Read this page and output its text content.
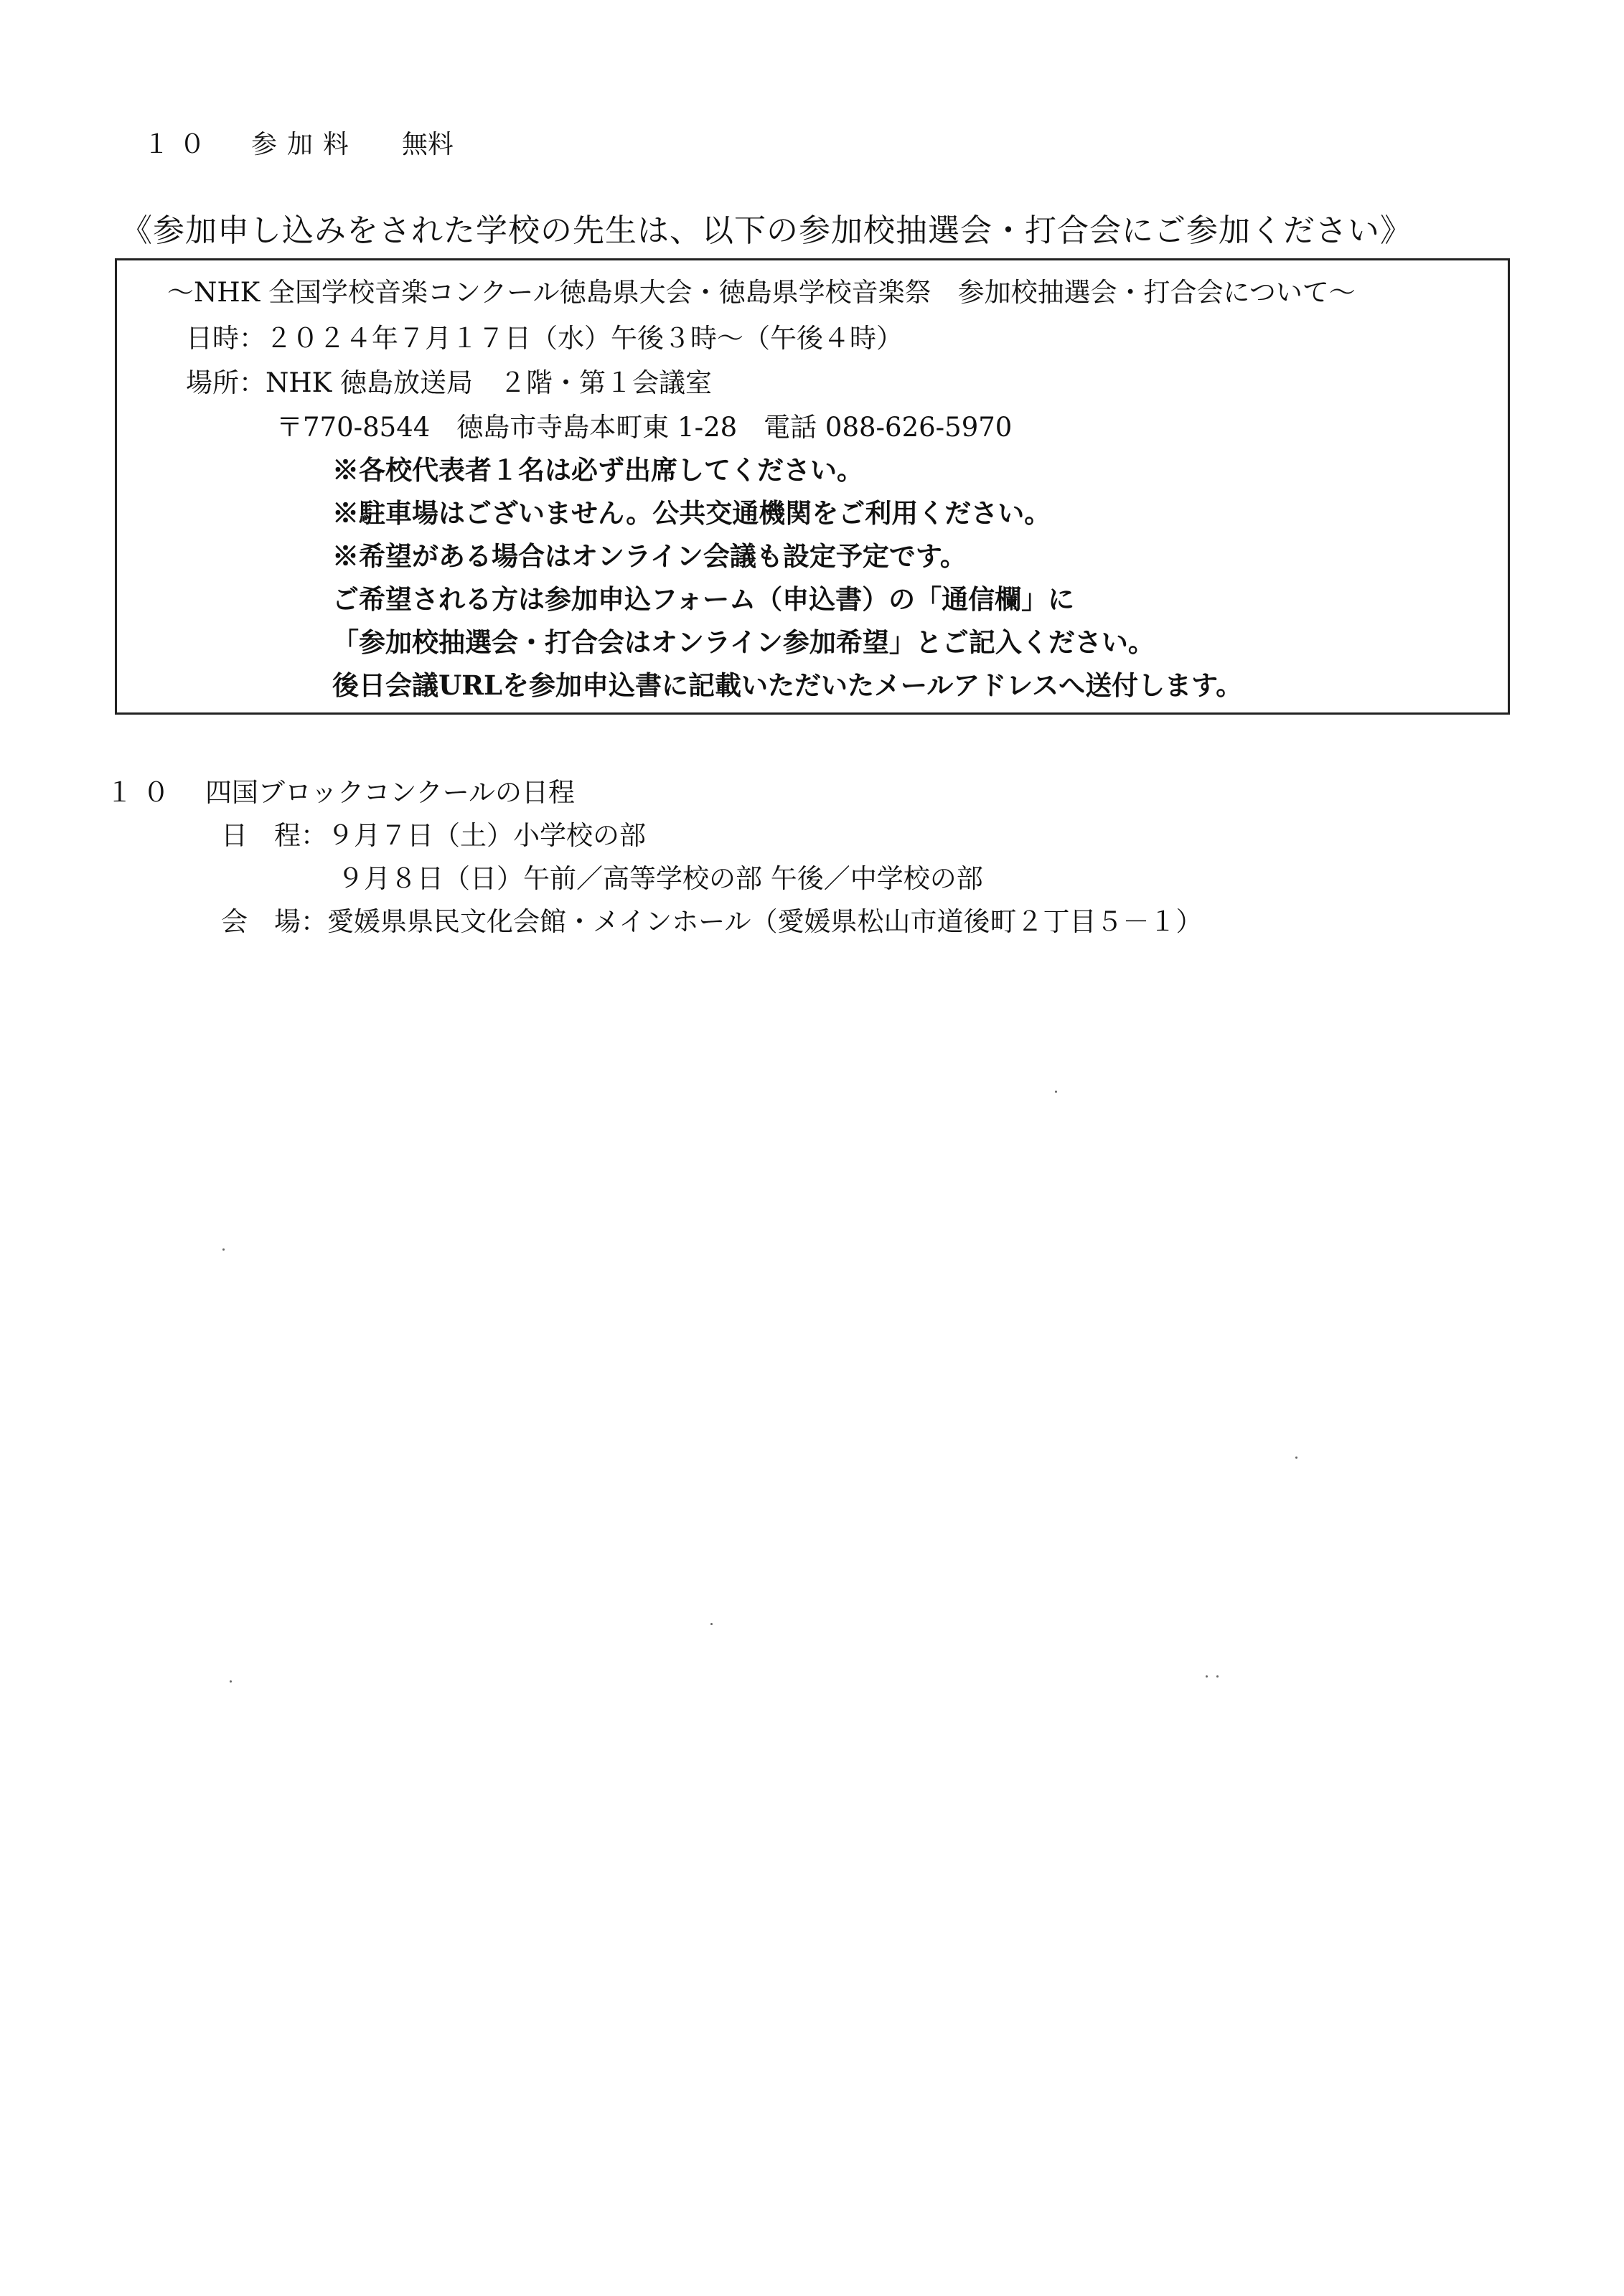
１０ 参加料 無料
《参加申し込みをされた学校の先生は、以下の参加校抽選会・打合会にご参加ください》
～NHK 全国学校音楽コンクール徳島県大会・徳島県学校音楽祭　参加校抽選会・打合会について～
日時：２０２４年７月１７日（水）午後３時～（午後４時）
場所：NHK 徳島放送局　２階・第１会議室
〒770-8544　徳島市寺島本町東 1-28　電話 088-626-5970
※各校代表者１名は必ず出席してください。
※駐車場はございません。公共交通機関をご利用ください。
※希望がある場合はオンライン会議も設定予定です。
ご希望される方は参加申込フォーム（申込書）の「通信欄」に
「参加校抽選会・打合会はオンライン参加希望」とご記入ください。
後日会議URLを参加申込書に記載いただいたメールアドレスへ送付します。
１０ 四国ブロックコンクールの日程
日　程：９月７日（土）小学校の部
９月８日（日）午前／高等学校の部 午後／中学校の部
会　場：愛媛県県民文化会館・メインホール（愛媛県松山市道後町２丁目５－１）
